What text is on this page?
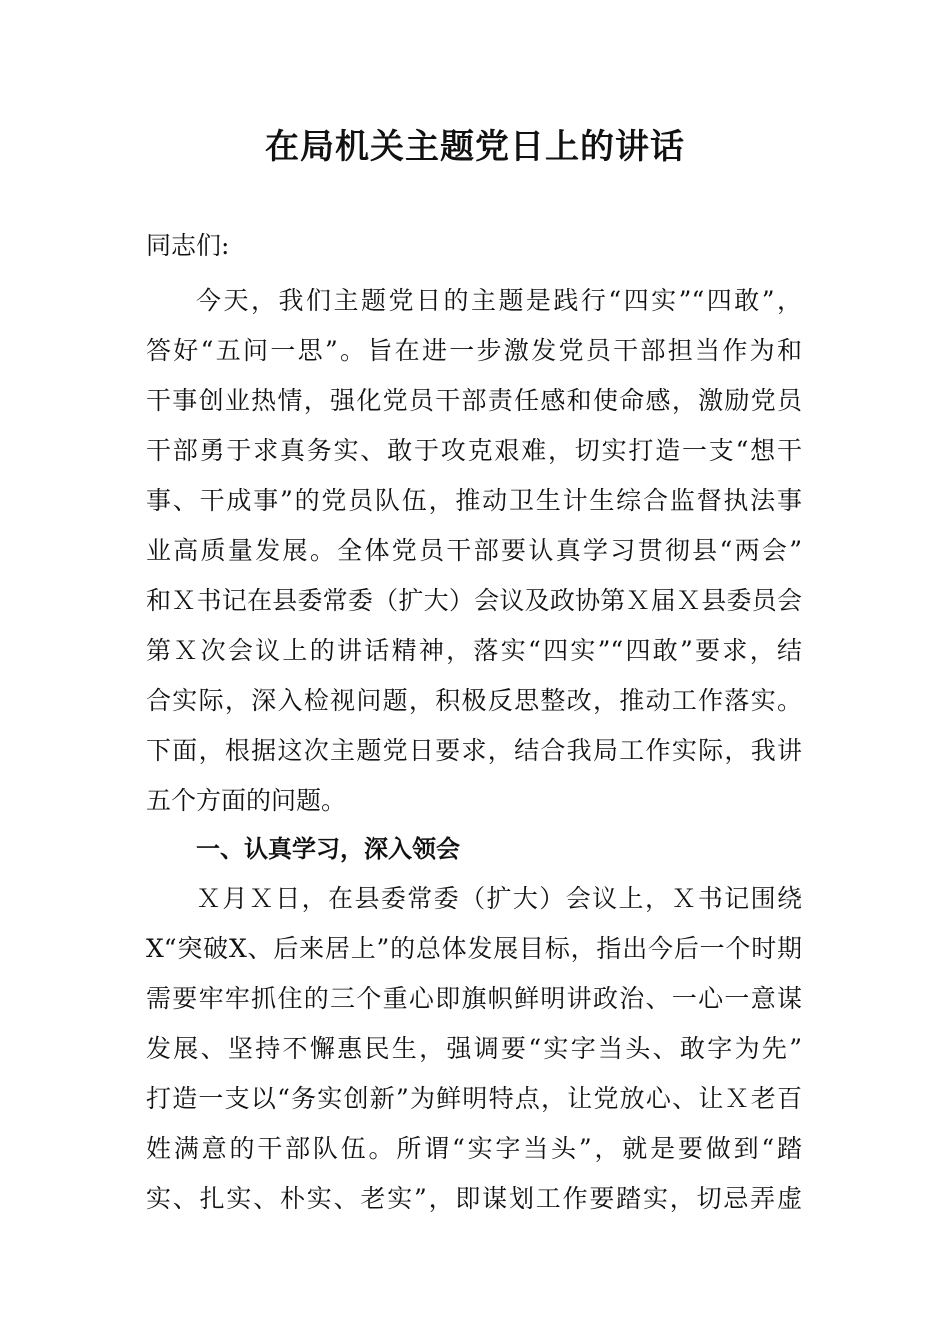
在局机关主题党日上的讲话
同志们:
今天，我们主题党日的主题是践行“四实”“四敢”，
答好“五问一思”。旨在进一步激发党员干部担当作为和
干事创业热情，强化党员干部责任感和使命感，激励党员
干部勇于求真务实、敢于攻克艰难，切实打造一支“想干
事、干成事”的党员队伍，推动卫生计生综合监督执法事
业高质量发展。全体党员干部要认真学习贯彻县“两会”
和Ｘ书记在县委常委（扩大）会议及政协第Ｘ届Ｘ县委员会
第Ｘ次会议上的讲话精神，落实“四实”“四敢”要求，结
合实际，深入检视问题，积极反思整改，推动工作落实。
下面，根据这次主题党日要求，结合我局工作实际，我讲
五个方面的问题。
一、认真学习，深入领会
Ｘ月Ｘ日，在县委常委（扩大）会议上，Ｘ书记围绕
X“突破X、后来居上”的总体发展目标，指出今后一个时期
需要牢牢抓住的三个重心即旗帜鲜明讲政治、一心一意谋
发展、坚持不懈惠民生，强调要“实字当头、敢字为先”
打造一支以“务实创新”为鲜明特点，让党放心、让Ｘ老百
姓满意的干部队伍。所谓“实字当头”，就是要做到“踏
实、扎实、朴实、老实”，即谋划工作要踏实，切忌弄虚
